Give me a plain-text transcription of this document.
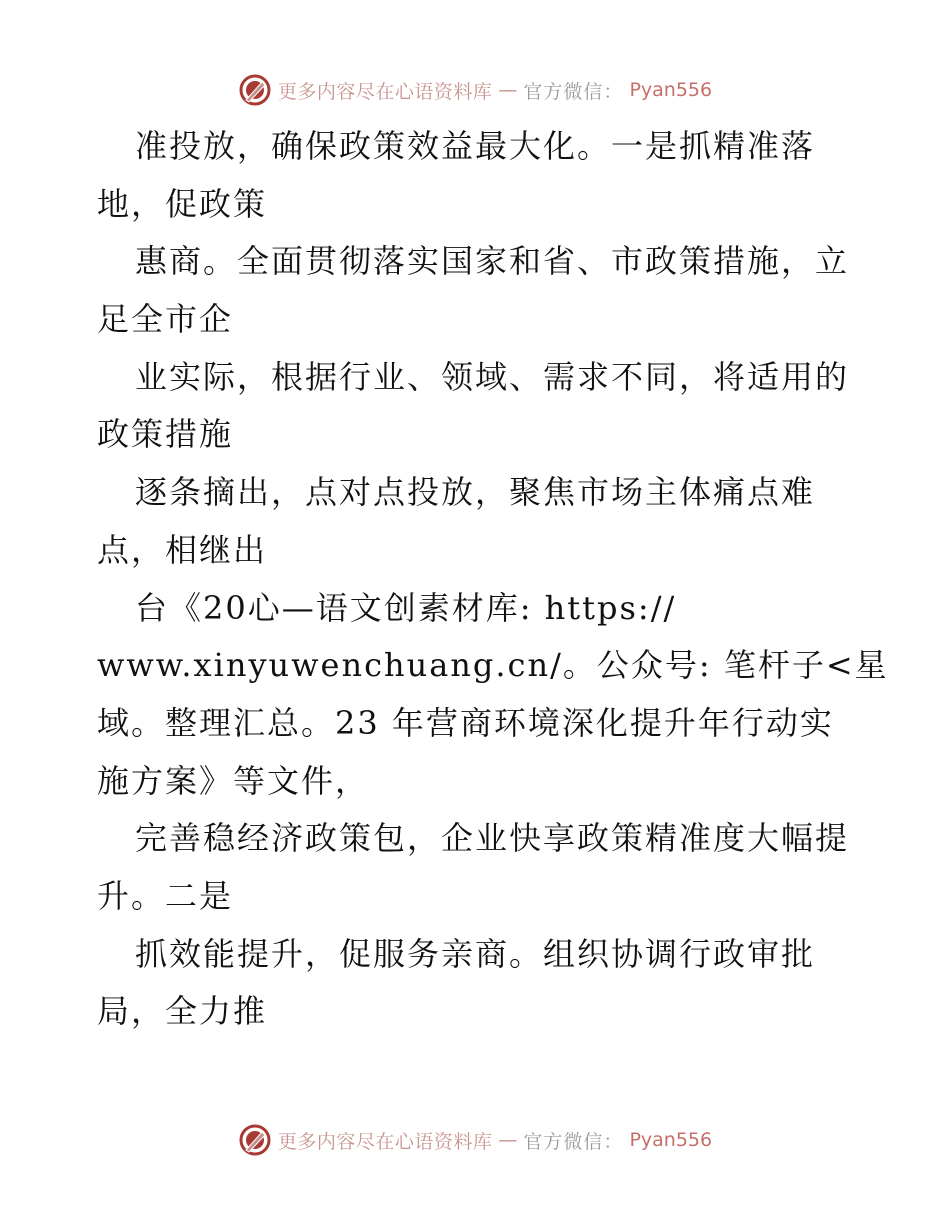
更多内容尽在心语资料库 — 官方微信： Pyan556
准投放，确保政策效益最大化。一是抓精准落
地，促政策
惠商。全面贯彻落实国家和省、市政策措施，立
足全市企
业实际，根据行业、领域、需求不同，将适用的
政策措施
逐条摘出，点对点投放，聚焦市场主体痛点难
点，相继出
台《20心—语文创素材库: https://
www.xinyuwenchuang.cn/。公众号: 笔杆子<星
域。整理汇总。23 年营商环境深化提升年行动实
施方案》等文件，
完善稳经济政策包，企业快享政策精准度大幅提
升。二是
抓效能提升，促服务亲商。组织协调行政审批
局，全力推
更多内容尽在心语资料库 — 官方微信： Pyan556
